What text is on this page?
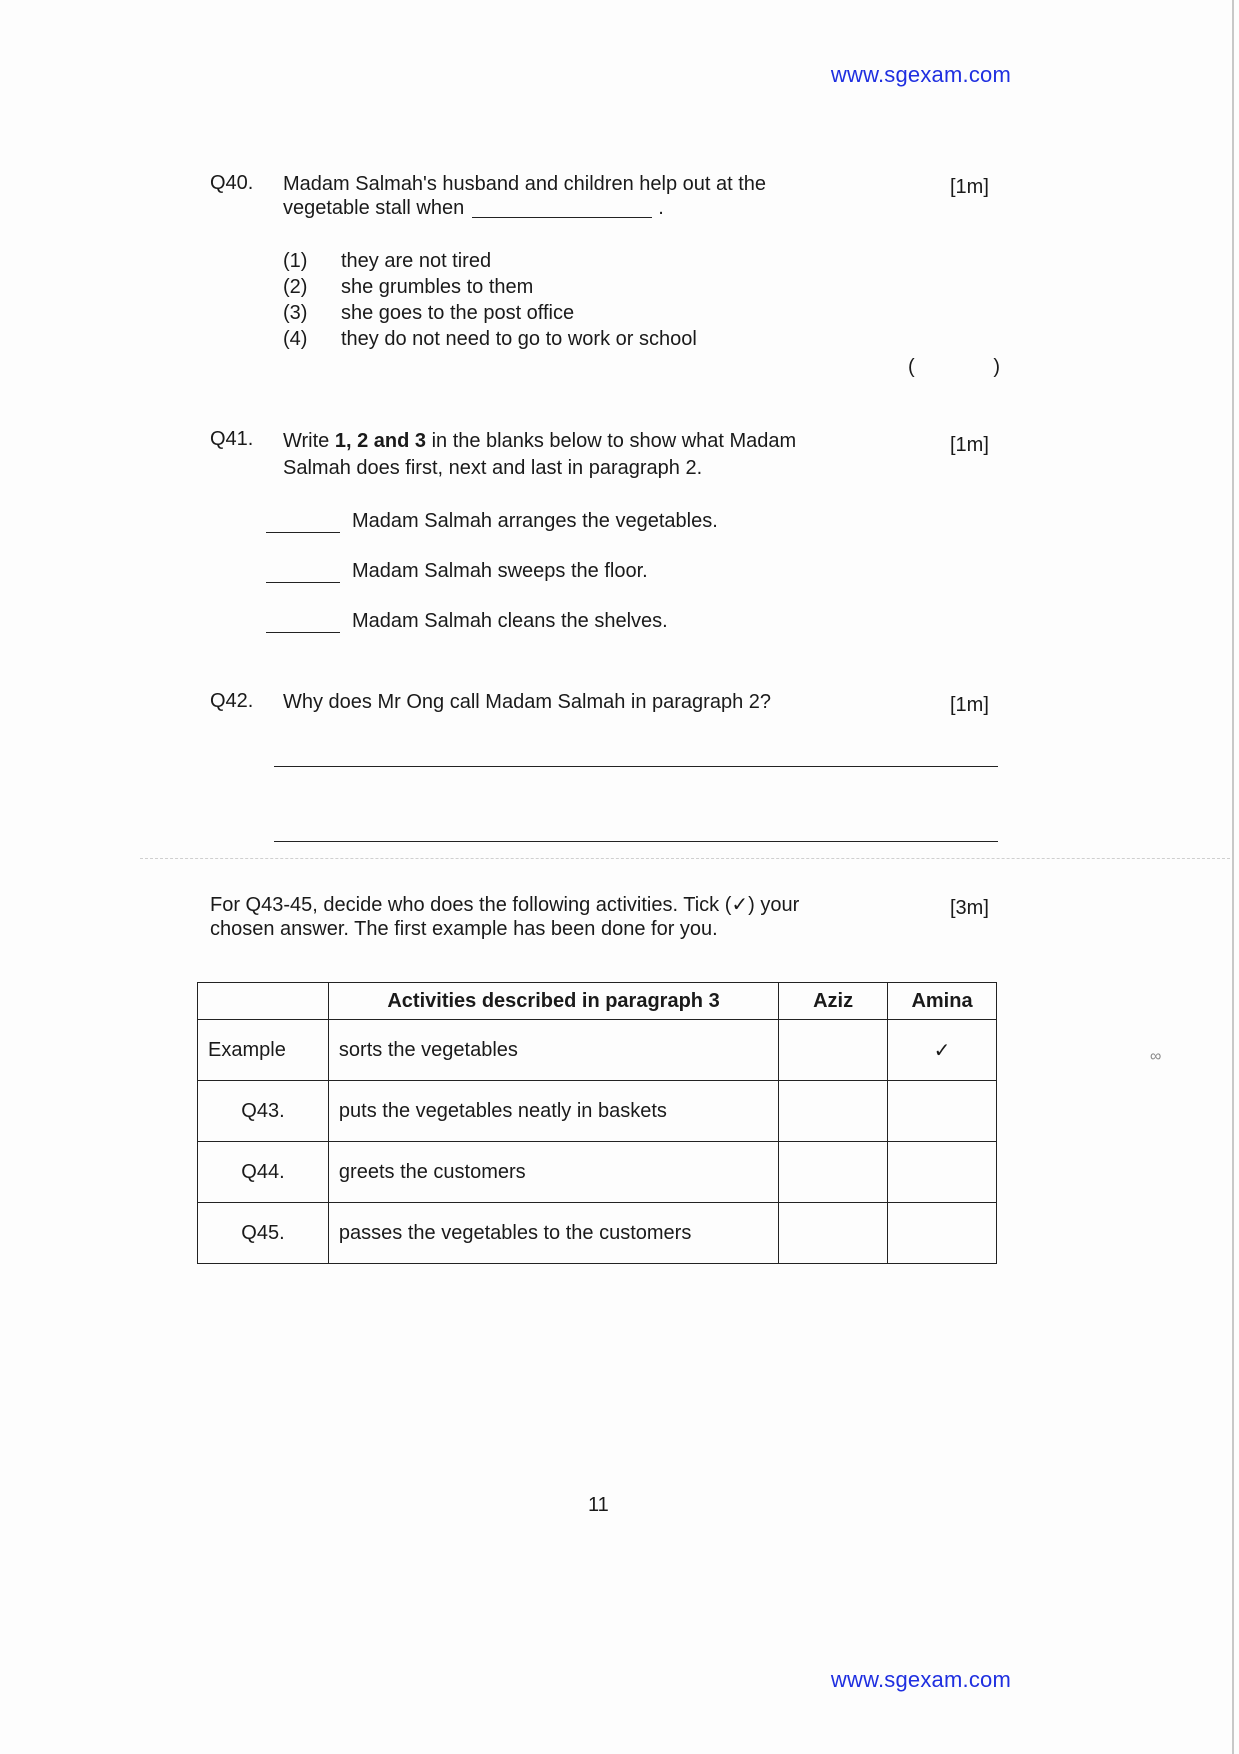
www.sgexam.com
Q40. Madam Salmah's husband and children help out at the vegetable stall when	.
[1m]
(1)	they are not tired
(2)	she grumbles to them
(3)	she goes to the post office
(4)	they do not need to go to work or school
(	)
Q41. Write 1, 2 and 3 in the blanks below to show what Madam Salmah does first, next and last in paragraph 2.
[1m]
Madam Salmah arranges the vegetables.
Madam Salmah sweeps the floor.
Madam Salmah cleans the shelves.
Q42. Why does Mr Ong call Madam Salmah in paragraph 2?	[1m]
For Q43-45, decide who does the following activities. Tick (✓) your chosen answer. The first example has been done for you.
[3m]
	Activities described in paragraph 3	Aziz	Amina
Example	sorts the vegetables		✓
Q43.	puts the vegetables neatly in baskets		
Q44.	greets the customers		
Q45.	passes the vegetables to the customers		
11
www.sgexam.com
∞
